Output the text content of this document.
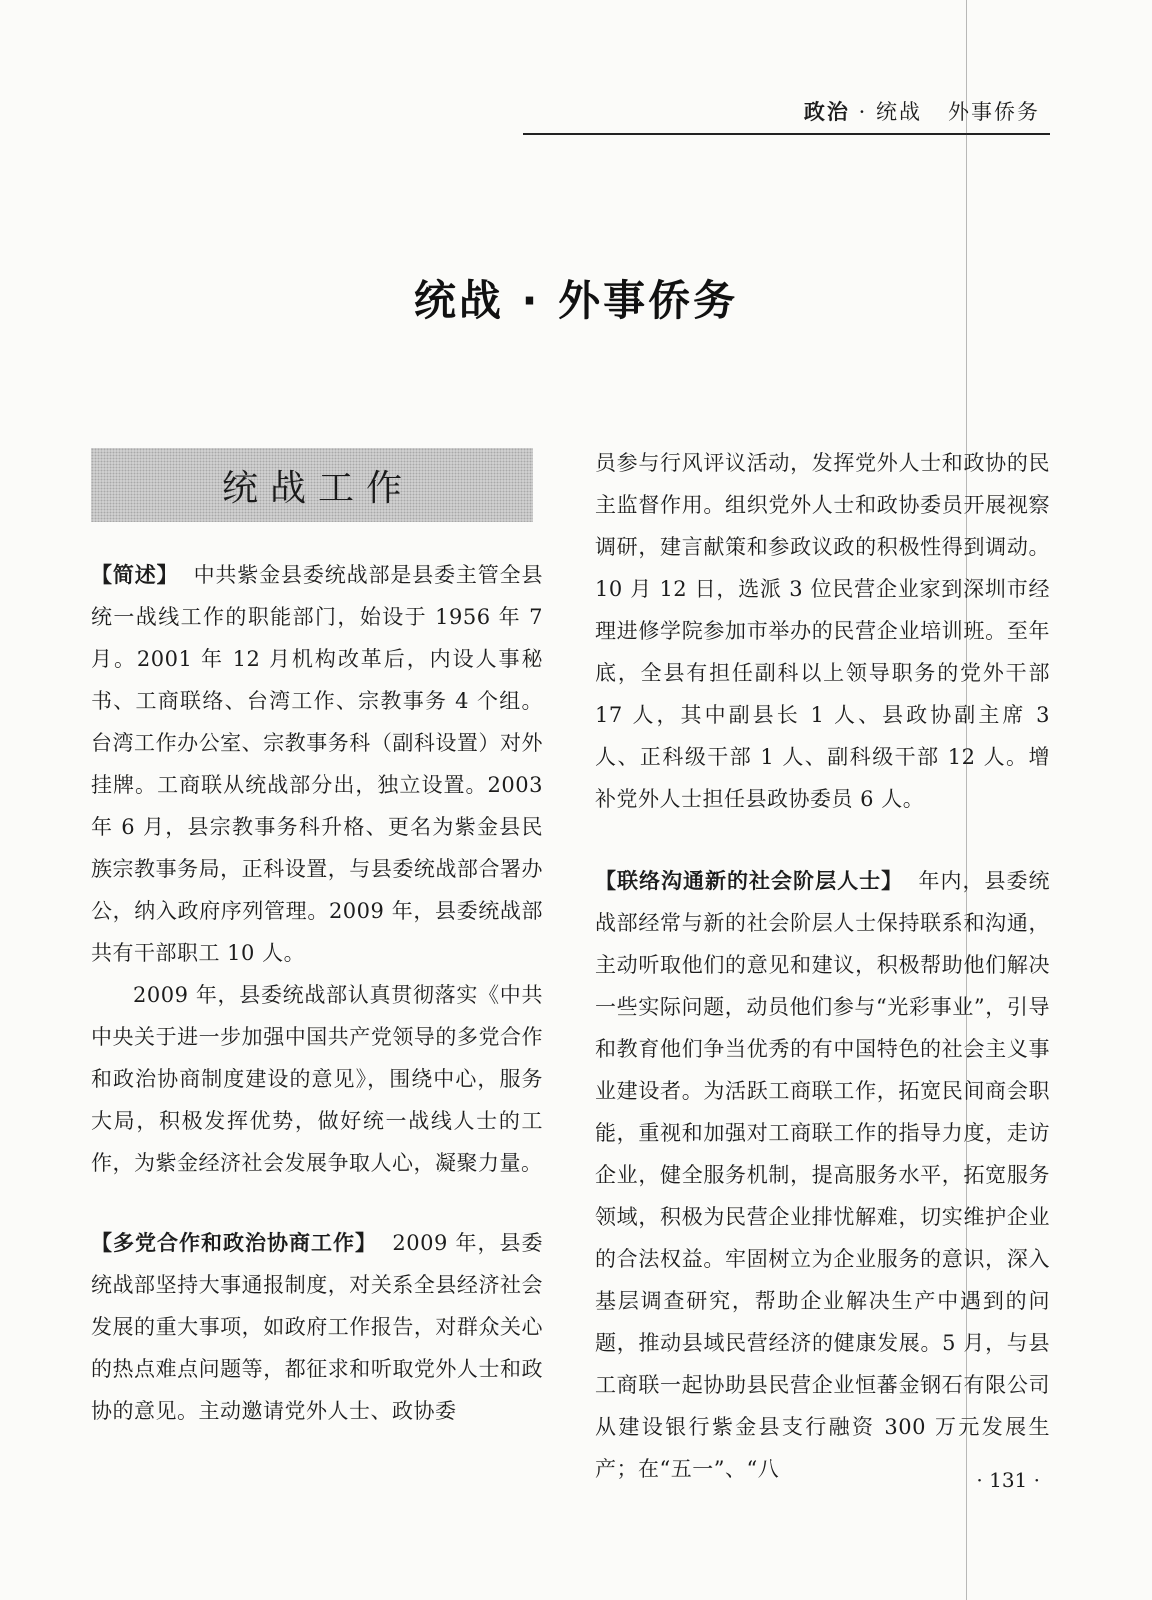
政治 · 统战 外事侨务
统战 · 外事侨务
统战工作

【简述】 中共紫金县委统战部是县委主管全县统一战线工作的职能部门，始设于 1956 年 7 月。2001 年 12 月机构改革后，内设人事秘书、工商联络、台湾工作、宗教事务 4 个组。台湾工作办公室、宗教事务科（副科设置）对外挂牌。工商联从统战部分出，独立设置。2003 年 6 月，县宗教事务科升格、更名为紫金县民族宗教事务局，正科设置，与县委统战部合署办公，纳入政府序列管理。2009 年，县委统战部共有干部职工 10 人。

2009 年，县委统战部认真贯彻落实《中共中央关于进一步加强中国共产党领导的多党合作和政治协商制度建设的意见》，围绕中心，服务大局，积极发挥优势，做好统一战线人士的工作，为紫金经济社会发展争取人心，凝聚力量。

【多党合作和政治协商工作】 2009 年，县委统战部坚持大事通报制度，对关系全县经济社会发展的重大事项，如政府工作报告，对群众关心的热点难点问题等，都征求和听取党外人士和政协的意见。主动邀请党外人士、政协委

员参与行风评议活动，发挥党外人士和政协的民主监督作用。组织党外人士和政协委员开展视察调研，建言献策和参政议政的积极性得到调动。10 月 12 日，选派 3 位民营企业家到深圳市经理进修学院参加市举办的民营企业培训班。至年底，全县有担任副科以上领导职务的党外干部 17 人，其中副县长 1 人、县政协副主席 3 人、正科级干部 1 人、副科级干部 12 人。增补党外人士担任县政协委员 6 人。

【联络沟通新的社会阶层人士】 年内，县委统战部经常与新的社会阶层人士保持联系和沟通，主动听取他们的意见和建议，积极帮助他们解决一些实际问题，动员他们参与“光彩事业”，引导和教育他们争当优秀的有中国特色的社会主义事业建设者。为活跃工商联工作，拓宽民间商会职能，重视和加强对工商联工作的指导力度，走访企业，健全服务机制，提高服务水平，拓宽服务领域，积极为民营企业排忧解难，切实维护企业的合法权益。牢固树立为企业服务的意识，深入基层调查研究，帮助企业解决生产中遇到的问题，推动县域民营经济的健康发展。5 月，与县工商联一起协助县民营企业恒蕃金钢石有限公司从建设银行紫金县支行融资 300 万元发展生产；在“五一”、“八	· 131 ·
